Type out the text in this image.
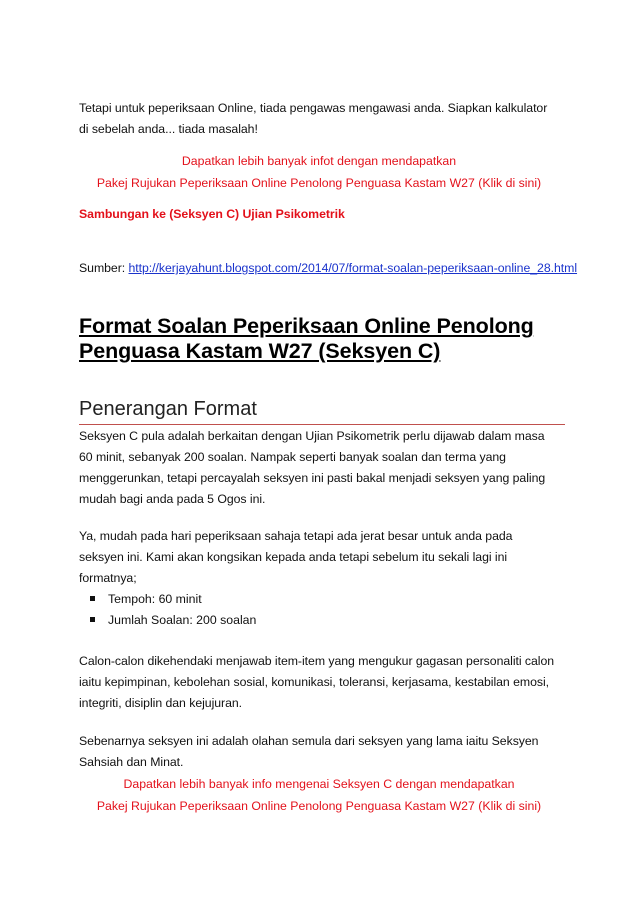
Tetapi untuk peperiksaan Online, tiada pengawas mengawasi anda. Siapkan kalkulator
di sebelah anda... tiada masalah!
Dapatkan lebih banyak infot dengan mendapatkan
Pakej Rujukan Peperiksaan Online Penolong Penguasa Kastam W27 (Klik di sini)
Sambungan ke (Seksyen C) Ujian Psikometrik
Sumber: http://kerjayahunt.blogspot.com/2014/07/format-soalan-peperiksaan-online_28.html
Format Soalan Peperiksaan Online Penolong
Penguasa Kastam W27 (Seksyen C)
Penerangan Format
Seksyen C pula adalah berkaitan dengan Ujian Psikometrik perlu dijawab dalam masa
60 minit, sebanyak 200 soalan. Nampak seperti banyak soalan dan terma yang
menggerunkan, tetapi percayalah seksyen ini pasti bakal menjadi seksyen yang paling
mudah bagi anda pada 5 Ogos ini.
Ya, mudah pada hari peperiksaan sahaja tetapi ada jerat besar untuk anda pada
seksyen ini. Kami akan kongsikan kepada anda tetapi sebelum itu sekali lagi ini
formatnya;
Tempoh: 60 minit
Jumlah Soalan: 200 soalan
Calon-calon dikehendaki menjawab item-item yang mengukur gagasan personaliti calon
iaitu kepimpinan, kebolehan sosial, komunikasi, toleransi, kerjasama, kestabilan emosi,
integriti, disiplin dan kejujuran.
Sebenarnya seksyen ini adalah olahan semula dari seksyen yang lama iaitu Seksyen
Sahsiah dan Minat.
Dapatkan lebih banyak info mengenai Seksyen C dengan mendapatkan
Pakej Rujukan Peperiksaan Online Penolong Penguasa Kastam W27 (Klik di sini)
